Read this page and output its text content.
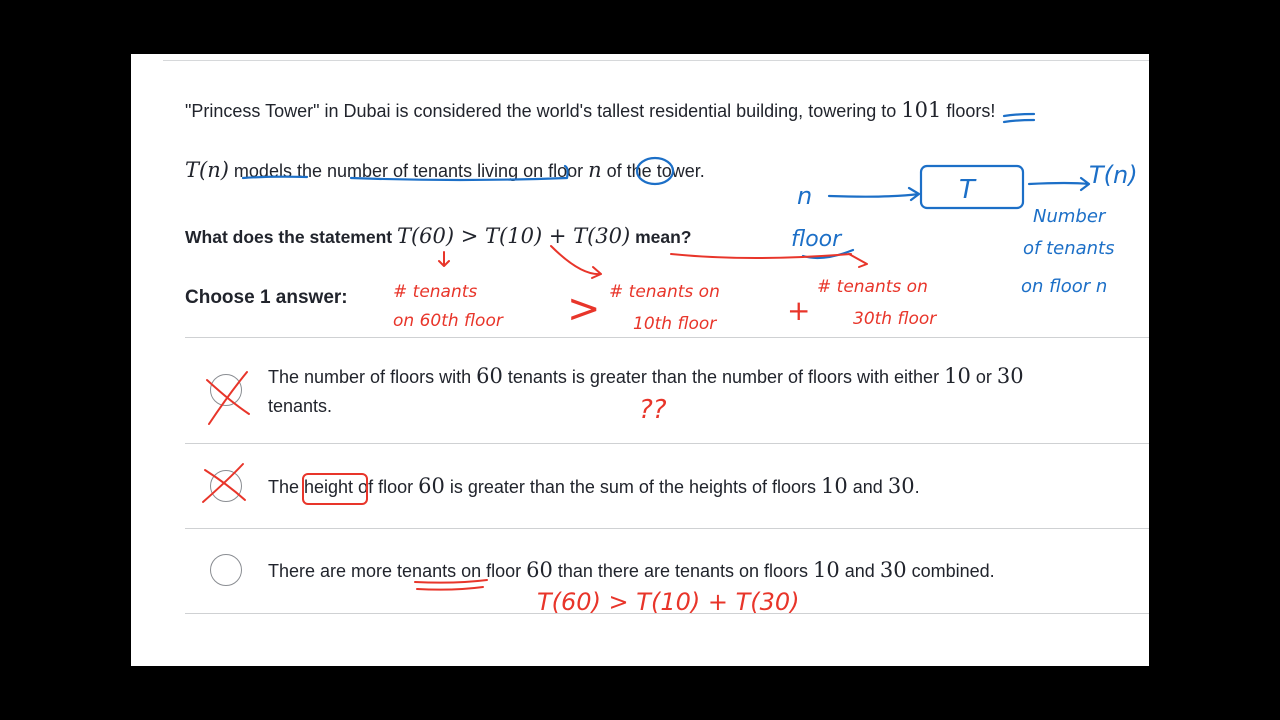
"Princess Tower" in Dubai is considered the world's tallest residential building, towering to 101 floors!
T(n) models the number of tenants living on floor n of the tower.
What does the statement T(60) > T(10) + T(30) mean?
Choose 1 answer:
The number of floors with 60 tenants is greater than the number of floors with either 10 or 30
tenants.
The height of floor 60 is greater than the sum of the heights of floors 10 and 30.
There are more tenants on floor 60 than there are tenants on floors 10 and 30 combined.
n	T	T(n)
floor
Number
of tenants
on floor n
# tenants
on 60th floor > # tenants on
10th floor	+
# tenants on
30th floor
??
T(60) > T(10) + T(30)
